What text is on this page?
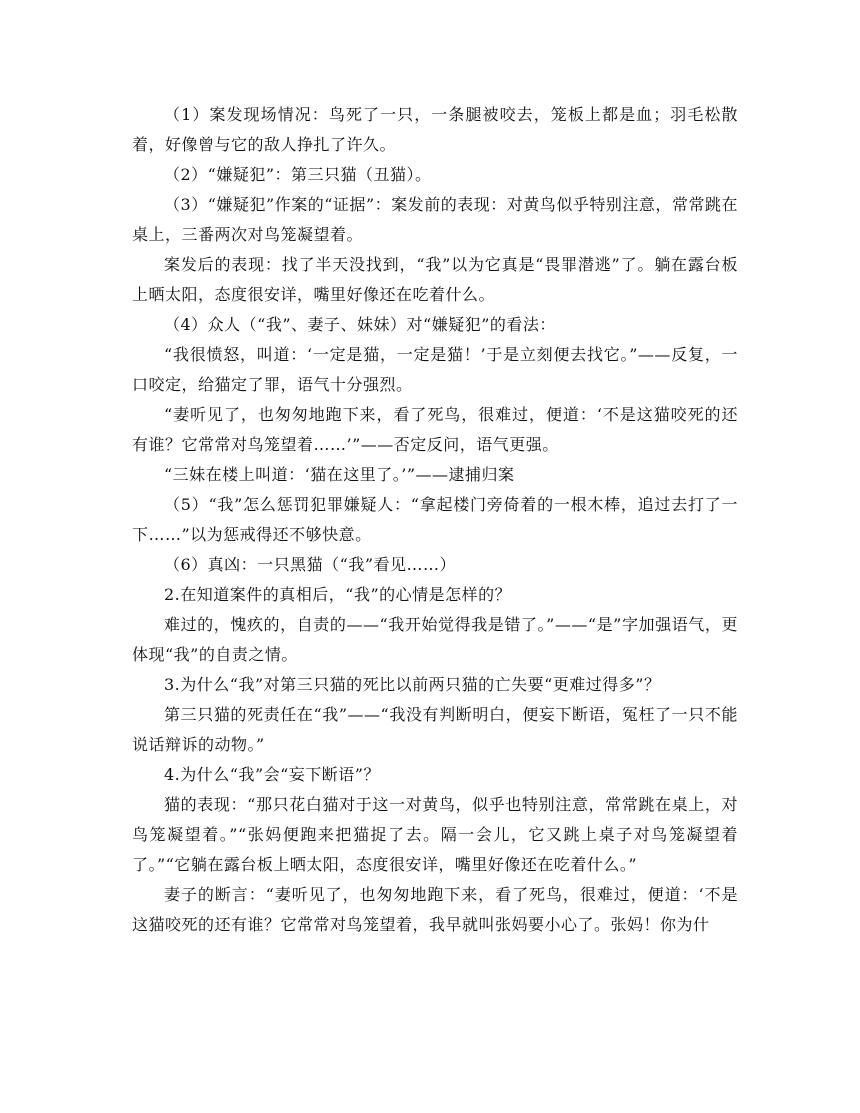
（1）案发现场情况：鸟死了一只，一条腿被咬去，笼板上都是血；羽毛松散着，好像曾与它的敌人挣扎了许久。

（2）“嫌疑犯”：第三只猫（丑猫）。

（3）“嫌疑犯”作案的“证据”：案发前的表现：对黄鸟似乎特别注意，常常跳在桌上，三番两次对鸟笼凝望着。

案发后的表现：找了半天没找到，“我”以为它真是“畏罪潜逃”了。躺在露台板上晒太阳，态度很安详，嘴里好像还在吃着什么。

（4）众人（“我”、妻子、妹妹）对“嫌疑犯”的看法：

“我很愤怒，叫道：‘一定是猫，一定是猫！’于是立刻便去找它。”——反复，一口咬定，给猫定了罪，语气十分强烈。

“妻听见了，也匆匆地跑下来，看了死鸟，很难过，便道：‘不是这猫咬死的还有谁？它常常对鸟笼望着……’”——否定反问，语气更强。

“三妹在楼上叫道：‘猫在这里了。’”——逮捕归案

（5）“我”怎么惩罚犯罪嫌疑人：“拿起楼门旁倚着的一根木棒，追过去打了一下……”以为惩戒得还不够快意。

（6）真凶：一只黑猫（“我”看见……）

2.在知道案件的真相后，“我”的心情是怎样的？

难过的，愧疚的，自责的——“我开始觉得我是错了。”——“是”字加强语气，更体现“我”的自责之情。

3.为什么“我”对第三只猫的死比以前两只猫的亡失要“更难过得多”？

第三只猫的死责任在“我”——“我没有判断明白，便妄下断语，冤枉了一只不能说话辩诉的动物。”

4.为什么“我”会“妄下断语”？

猫的表现：“那只花白猫对于这一对黄鸟，似乎也特别注意，常常跳在桌上，对鸟笼凝望着。”“张妈便跑来把猫捉了去。隔一会儿，它又跳上桌子对鸟笼凝望着了。”“它躺在露台板上晒太阳，态度很安详，嘴里好像还在吃着什么。”

妻子的断言：“妻听见了，也匆匆地跑下来，看了死鸟，很难过，便道：‘不是这猫咬死的还有谁？它常常对鸟笼望着，我早就叫张妈要小心了。张妈！你为什
